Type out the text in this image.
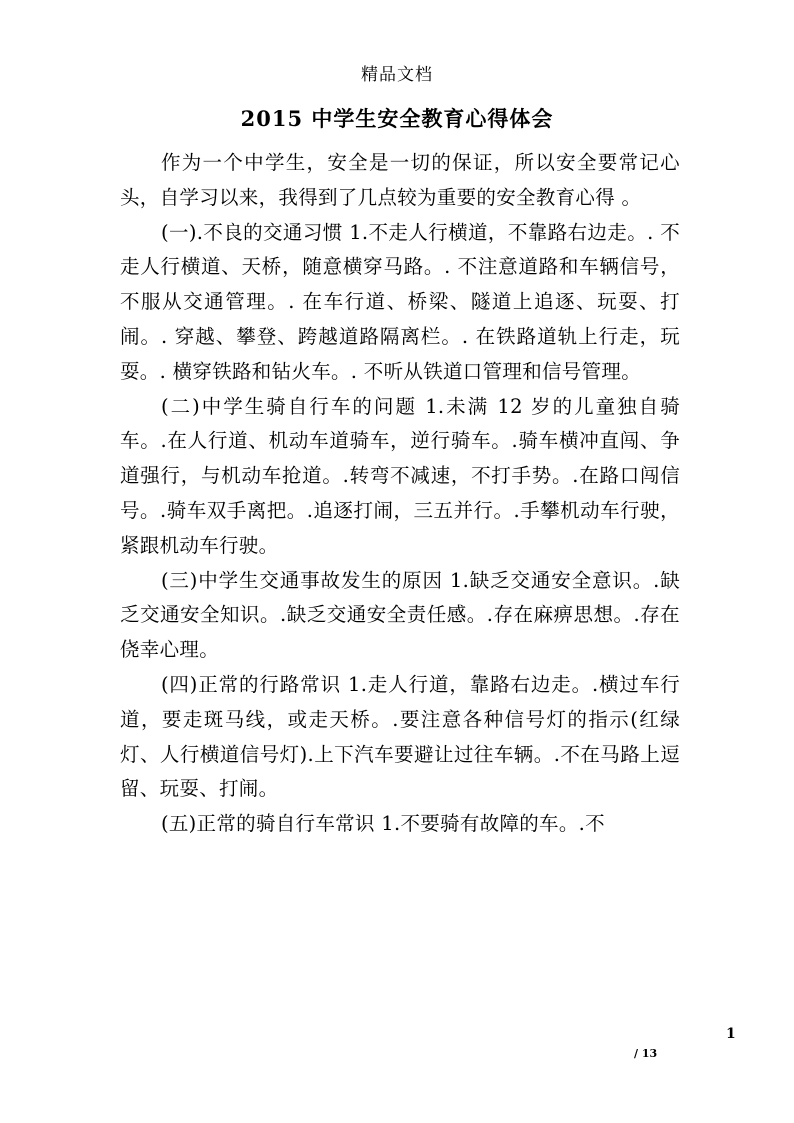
精品文档
2015 中学生安全教育心得体会

作为一个中学生，安全是一切的保证，所以安全要常记心头，自学习以来，我得到了几点较为重要的安全教育心得 。

(一).不良的交通习惯 1.不走人行横道，不靠路右边走。. 不走人行横道、天桥，随意横穿马路。. 不注意道路和车辆信号，不服从交通管理。. 在车行道、桥梁、隧道上追逐、玩耍、打闹。. 穿越、攀登、跨越道路隔离栏。. 在铁路道轨上行走，玩耍。. 横穿铁路和钻火车。. 不听从铁道口管理和信号管理。

(二)中学生骑自行车的问题 1.未满 12 岁的儿童独自骑车。.在人行道、机动车道骑车，逆行骑车。.骑车横冲直闯、争道强行，与机动车抢道。.转弯不减速，不打手势。.在路口闯信号。.骑车双手离把。.追逐打闹，三五并行。.手攀机动车行驶，紧跟机动车行驶。

(三)中学生交通事故发生的原因 1.缺乏交通安全意识。.缺乏交通安全知识。.缺乏交通安全责任感。.存在麻痹思想。.存在侥幸心理。

(四)正常的行路常识 1.走人行道，靠路右边走。.横过车行道，要走斑马线，或走天桥。.要注意各种信号灯的指示(红绿灯、人行横道信号灯).上下汽车要避让过往车辆。.不在马路上逗留、玩耍、打闹。

(五)正常的骑自行车常识 1.不要骑有故障的车。.不

1
/ 13
